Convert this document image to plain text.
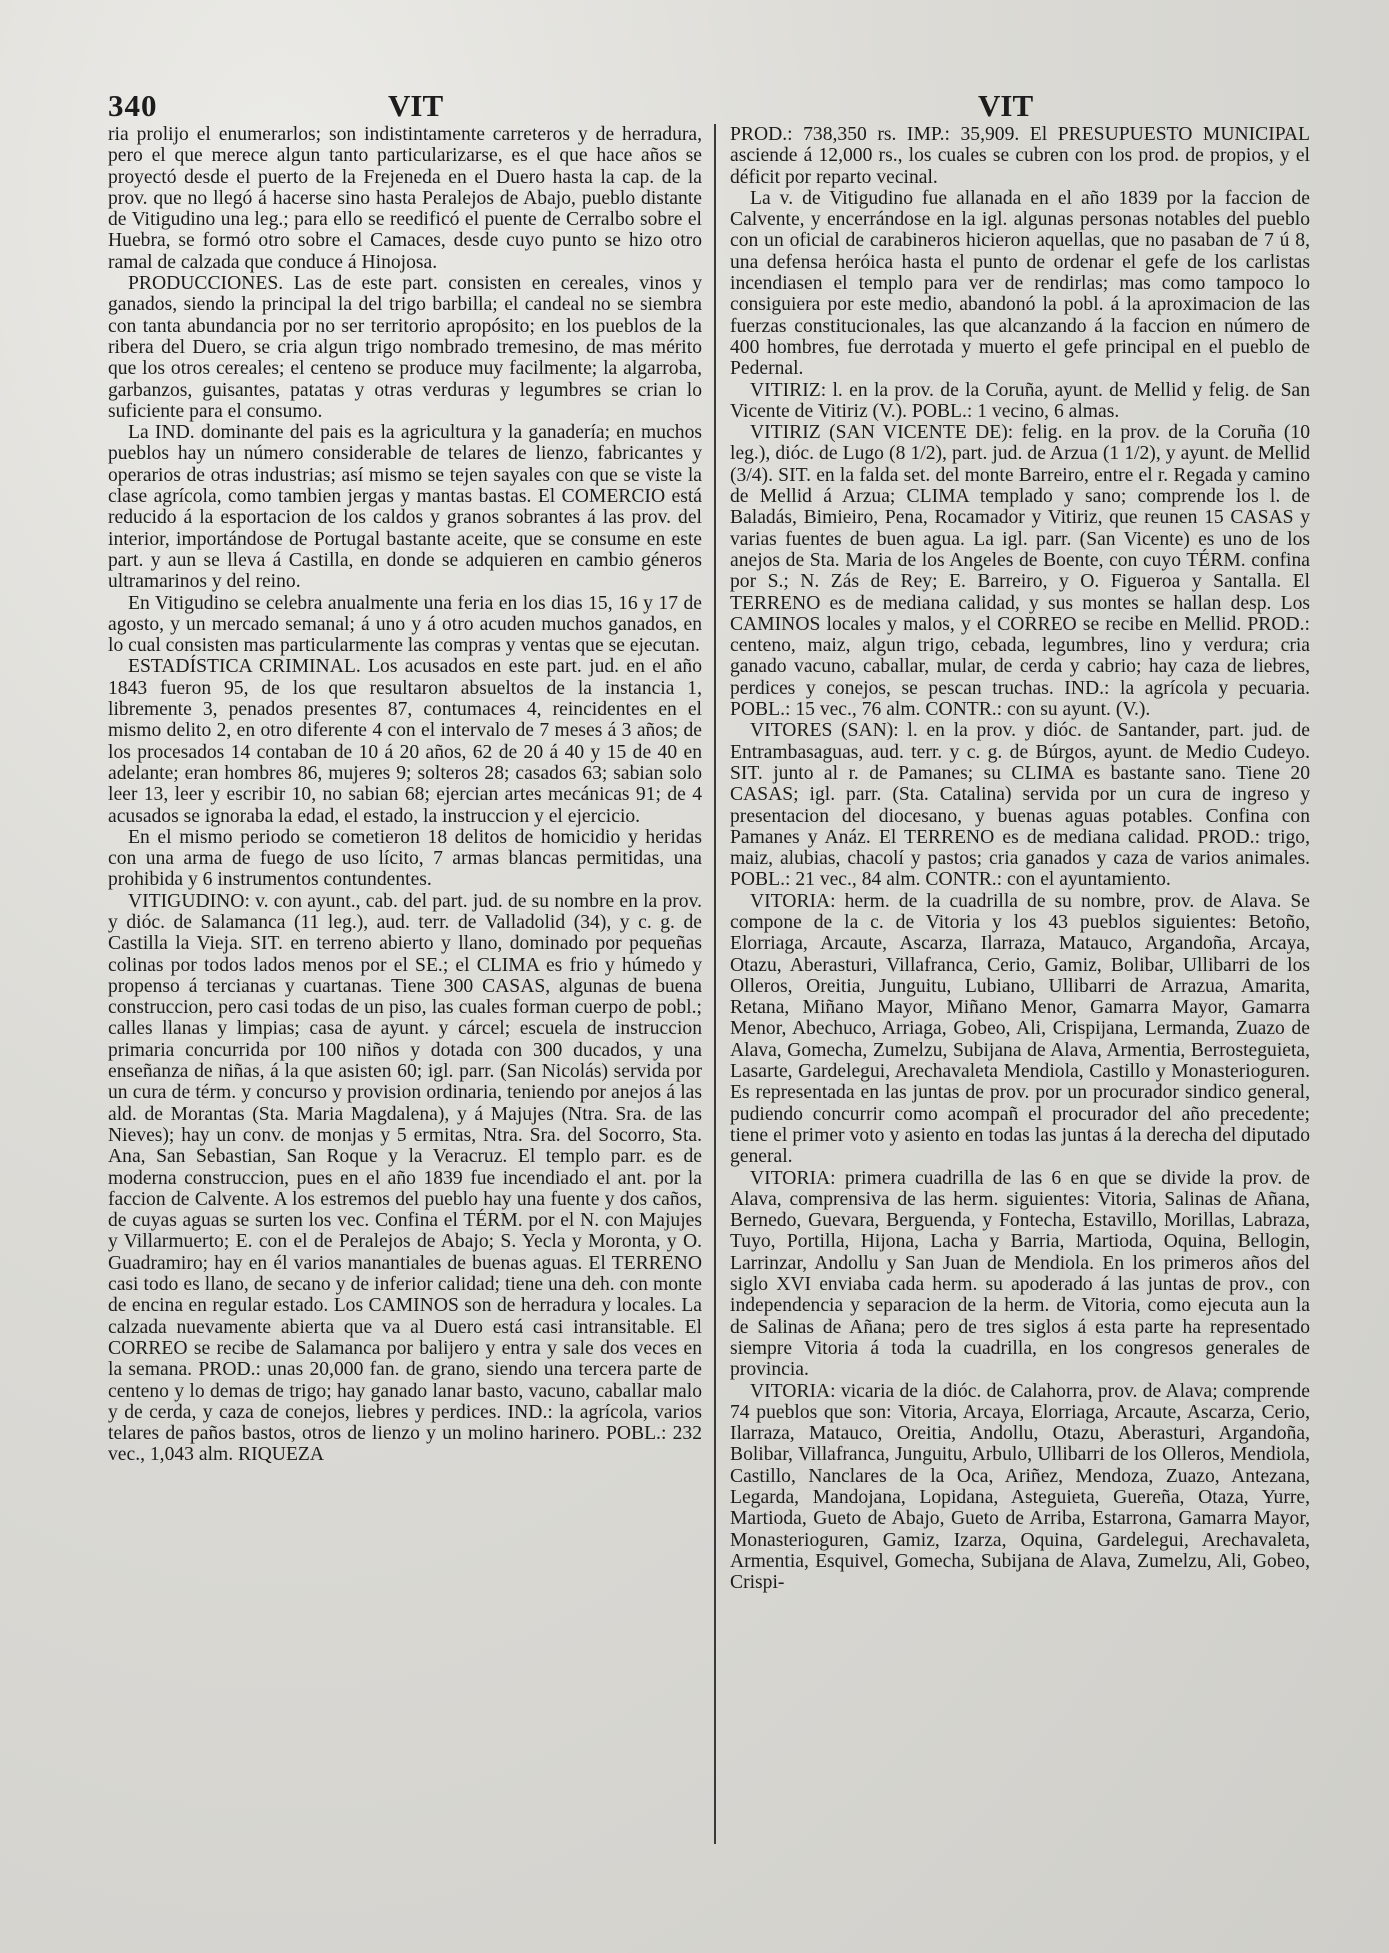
340	VIT	VIT

ria prolijo el enumerarlos; son indistintamente carreteros y de herradura, pero el que merece algun tanto particularizarse, es el que hace años se proyectó desde el puerto de la Freјeneda en el Duero hasta la cap. de la prov. que no llegó á hacerse sino hasta Peralejos de Abajo, pueblo distante de Vitigudino una leg.; para ello se reedificó el puente de Cerralbo sobre el Huebra, se formó otro sobre el Camaces, desde cuyo punto se hizo otro ramal de calzada que conduce á Hinojosa.

PRODUCCIONES. Las de este part. consisten en cereales, vinos y ganados, siendo la principal la del trigo barbilla; el candeal no se siembra con tanta abundancia por no ser territorio apropósito; en los pueblos de la ribera del Duero, se cria algun trigo nombrado tremesino, de mas mérito que los otros cereales; el centeno se produce muy facilmente; la algarroba, garbanzos, guisantes, patatas y otras verduras y legumbres se crian lo suficiente para el consumo.

La IND. dominante del pais es la agricultura y la ganadería; en muchos pueblos hay un número considerable de telares de lienzo, fabricantes y operarios de otras industrias; así mismo se tejen sayales con que se viste la clase agrícola, como tambien jergas y mantas bastas. El COMERCIO está reducido á la esportacion de los caldos y granos sobrantes á las prov. del interior, importándose de Portugal bastante aceite, que se consume en este part. y aun se lleva á Castilla, en donde se adquieren en cambio géneros ultramarinos y del reino.

En Vitigudino se celebra anualmente una feria en los dias 15, 16 y 17 de agosto, y un mercado semanal; á uno y á otro acuden muchos ganados, en lo cual consisten mas particularmente las compras y ventas que se ejecutan.

ESTADÍSTICA CRIMINAL. Los acusados en este part. jud. en el año 1843 fueron 95, de los que resultaron absueltos de la instancia 1, libremente 3, penados presentes 87, contumaces 4, reincidentes en el mismo delito 2, en otro diferente 4 con el intervalo de 7 meses á 3 años; de los procesados 14 contaban de 10 á 20 años, 62 de 20 á 40 y 15 de 40 en adelante; eran hombres 86, mujeres 9; solteros 28; casados 63; sabian solo leer 13, leer y escribir 10, no sabian 68; ejercian artes mecánicas 91; de 4 acusados se ignoraba la edad, el estado, la instruccion y el ejercicio.

En el mismo periodo se cometieron 18 delitos de homicidio y heridas con una arma de fuego de uso lícito, 7 armas blancas permitidas, una prohibida y 6 instrumentos contundentes.

VITIGUDINO: v. con ayunt., cab. del part. jud. de su nombre en la prov. y dióc. de Salamanca (11 leg.), aud. terr. de Valladolid (34), y c. g. de Castilla la Vieja. SIT. en terreno abierto y llano, dominado por pequeñas colinas por todos lados menos por el SE.; el CLIMA es frio y húmedo y propenso á tercianas y cuartanas. Tiene 300 CASAS, algunas de buena construccion, pero casi todas de un piso, las cuales forman cuerpo de pobl.; calles llanas y limpias; casa de ayunt. y cárcel; escuela de instruccion primaria concurrida por 100 niños y dotada con 300 ducados, y una enseñanza de niñas, á la que asisten 60; igl. parr. (San Nicolás) servida por un cura de térm. y concurso y provision ordinaria, teniendo por anejos á las ald. de Morantas (Sta. Maria Magdalena), y á Majujes (Ntra. Sra. de las Nieves); hay un conv. de monjas y 5 ermitas, Ntra. Sra. del Socorro, Sta. Ana, San Sebastian, San Roque y la Veracruz. El templo parr. es de moderna construccion, pues en el año 1839 fue incendiado el ant. por la faccion de Calvente. A los estremos del pueblo hay una fuente y dos caños, de cuyas aguas se surten los vec. Confina el TÉRM. por el N. con Majujes y Villarmuerto; E. con el de Peralejos de Abajo; S. Yecla y Moronta, y O. Guadramiro; hay en él varios manantiales de buenas aguas. El TERRENO casi todo es llano, de secano y de inferior calidad; tiene una deh. con monte de encina en regular estado. Los CAMINOS son de herradura y locales. La calzada nuevamente abierta que va al Duero está casi intransitable. El CORREO se recibe de Salamanca por balijero y entra y sale dos veces en la semana. PROD.: unas 20,000 fan. de grano, siendo una tercera parte de centeno y lo demas de trigo; hay ganado lanar basto, vacuno, caballar malo y de cerda, y caza de conejos, liebres y perdices. IND.: la agrícola, varios telares de paños bastos, otros de lienzo y un molino harinero. POBL.: 232 vec., 1,043 alm. RIQUEZA

PROD.: 738,350 rs. IMP.: 35,909. El PRESUPUESTO MUNICIPAL asciende á 12,000 rs., los cuales se cubren con los prod. de propios, y el déficit por reparto vecinal.

La v. de Vitigudino fue allanada en el año 1839 por la faccion de Calvente, y encerrándose en la igl. algunas personas notables del pueblo con un oficial de carabineros hicieron aquellas, que no pasaban de 7 ú 8, una defensa heróica hasta el punto de ordenar el gefe de los carlistas incendiasen el templo para ver de rendirlas; mas como tampoco lo consiguiera por este medio, abandonó la pobl. á la aproximacion de las fuerzas constitucionales, las que alcanzando á la faccion en número de 400 hombres, fue derrotada y muerto el gefe principal en el pueblo de Pedernal.

VITIRIZ: l. en la prov. de la Coruña, ayunt. de Mellid y felig. de San Vicente de Vitiriz (V.). POBL.: 1 vecino, 6 almas.

VITIRIZ (SAN VICENTE DE): felig. en la prov. de la Coruña (10 leg.), dióc. de Lugo (8 1/2), part. jud. de Arzua (1 1/2), y ayunt. de Mellid (3/4). SIT. en la falda set. del monte Barreiro, entre el r. Regada y camino de Mellid á Arzua; CLIMA templado y sano; comprende los l. de Baladás, Bimieiro, Pena, Rocamador y Vitiriz, que reunen 15 CASAS y varias fuentes de buen agua. La igl. parr. (San Vicente) es uno de los anejos de Sta. Maria de los Angeles de Boente, con cuyo TÉRM. confina por S.; N. Zás de Rey; E. Barreiro, y O. Figueroa y Santalla. El TERRENO es de mediana calidad, y sus montes se hallan desp. Los CAMINOS locales y malos, y el CORREO se recibe en Mellid. PROD.: centeno, maiz, algun trigo, cebada, legumbres, lino y verdura; cria ganado vacuno, caballar, mular, de cerda y cabrio; hay caza de liebres, perdices y conejos, se pescan truchas. IND.: la agrícola y pecuaria. POBL.: 15 vec., 76 alm. CONTR.: con su ayunt. (V.).

VITORES (SAN): l. en la prov. y dióc. de Santander, part. jud. de Entrambasaguas, aud. terr. y c. g. de Búrgos, ayunt. de Medio Cudeyo. SIT. junto al r. de Pamanes; su CLIMA es bastante sano. Tiene 20 CASAS; igl. parr. (Sta. Catalina) servida por un cura de ingreso y presentacion del diocesano, y buenas aguas potables. Confina con Pamanes y Anáz. El TERRENO es de mediana calidad. PROD.: trigo, maiz, alubias, chacolí y pastos; cria ganados y caza de varios animales. POBL.: 21 vec., 84 alm. CONTR.: con el ayuntamiento.

VITORIA: herm. de la cuadrilla de su nombre, prov. de Alava. Se compone de la c. de Vitoria y los 43 pueblos siguientes: Betoño, Elorriaga, Arcaute, Ascarza, Ilarraza, Matauco, Argandoña, Arcaya, Otazu, Aberasturi, Villafranca, Cerio, Gamiz, Bolibar, Ullibarri de los Olleros, Oreitia, Junguitu, Lubiano, Ullibarri de Arrazua, Amarita, Retana, Miñano Mayor, Miñano Menor, Gamarra Mayor, Gamarra Menor, Abechuco, Arriaga, Gobeo, Ali, Crispijana, Lermanda, Zuazo de Alava, Gomecha, Zumelzu, Subijana de Alava, Armentia, Berrosteguieta, Lasarte, Gardelegui, Arechavaleta Mendiola, Castillo y Monasterioguren. Es representada en las juntas de prov. por un procurador sindico general, pudiendo concurrir como acompañ el procurador del año precedente; tiene el primer voto y asiento en todas las juntas á la derecha del diputado general.

VITORIA: primera cuadrilla de las 6 en que se divide la prov. de Alava, comprensiva de las herm. siguientes: Vitoria, Salinas de Añana, Bernedo, Guevara, Berguenda, y Fontecha, Estavillo, Morillas, Labraza, Tuyo, Portilla, Hijona, Lacha y Barria, Martioda, Oquina, Bellogin, Larrinzar, Andollu y San Juan de Mendiola. En los primeros años del siglo XVI enviaba cada herm. su apoderado á las juntas de prov., con independencia y separacion de la herm. de Vitoria, como ejecuta aun la de Salinas de Añana; pero de tres siglos á esta parte ha representado siempre Vitoria á toda la cuadrilla, en los congresos generales de provincia.

VITORIA: vicaria de la dióc. de Calahorra, prov. de Alava; comprende 74 pueblos que son: Vitoria, Arcaya, Elorriaga, Arcaute, Ascarza, Cerio, Ilarraza, Matauco, Oreitia, Andollu, Otazu, Aberasturi, Argandoña, Bolibar, Villafranca, Junguitu, Arbulo, Ullibarri de los Olleros, Mendiola, Castillo, Nanclares de la Oca, Ariñez, Mendoza, Zuazo, Antezana, Legarda, Mandojana, Lopidana, Asteguieta, Guereña, Otaza, Yurre, Martioda, Gueto de Abajo, Gueto de Arriba, Estarrona, Gamarra Mayor, Monasterioguren, Gamiz, Izarza, Oquina, Gardelegui, Arechavaleta, Armentia, Esquivel, Gomecha, Subijana de Alava, Zumelzu, Ali, Gobeo, Crispi-
